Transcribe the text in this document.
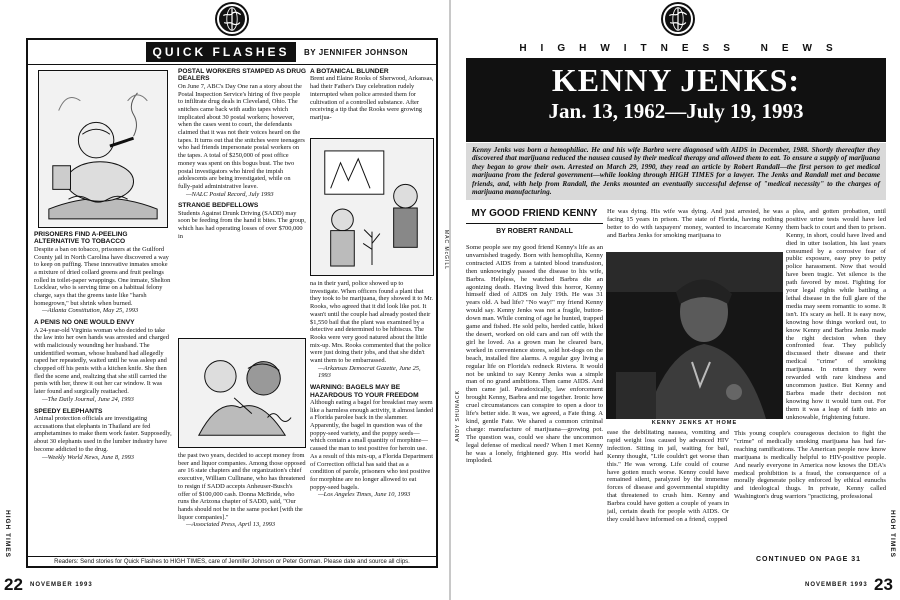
QUICK FLASHES	BY JENNIFER JOHNSON

PRISONERS FIND A-PEELING ALTERNATIVE TO TOBACCO

Despite a ban on tobacco, prisoners at the Guilford County jail in North Carolina have discovered a way to keep on puffing. These innovative inmates smoke a mixture of dried collard greens and fruit peelings rolled in toilet-paper wrappings. One inmate, Shelton Locklear, who is serving time on a habitual felony charge, says that the greens taste like "harsh homegrown," but shrink when burned.

—Atlanta Constitution, May 25, 1993

A PENIS NO ONE WOULD ENVY

A 24-year-old Virginia woman who decided to take the law into her own hands was arrested and charged with maliciously wounding her husband. The unidentified woman, whose husband had allegedly raped her repeatedly, waited until he was asleep and chopped off his penis with a kitchen knife. She then fled the scene and, realizing that she still carried the penis with her, threw it out her car window. It was later found and surgically reattached.

—The Daily Journal, June 24, 1993

SPEEDY ELEPHANTS

Animal protection officials are investigating accusations that elephants in Thailand are fed amphetamines to make them work faster. Supposedly, about 30 elephants used in the lumber industry have become addicted to the drug.

—Weekly World News, June 8, 1993

POSTAL WORKERS STAMPED AS DRUG DEALERS

On June 7, ABC's Day One ran a story about the Postal Inspection Service's hiring of five people to infiltrate drug deals in Cleveland, Ohio. The snitches came back with audio tapes which implicated about 30 postal workers; however, when the cases went to court, the defendants claimed that it was not their voices heard on the tapes. It turns out that the snitches were teenagers who had friends impersonate postal workers on the tapes. A total of $250,000 of post office money was spent on this bogus bust. The two postal investigators who hired the impish adolescents are being investigated, while on fully-paid administrative leave.

—NALC Postal Record, July 1993

STRANGE BEDFELLOWS

Students Against Drunk Driving (SADD) may soon be feeding from the hand it bites. The group, which has had operating losses of over $700,000 in

the past two years, decided to accept money from beer and liquor companies. Among those opposed are 16 state chapters and the organization's chief executive, William Cullinane, who has threatened to resign if SADD accepts Anheuser-Busch's offer of $100,000 cash. Donna McBride, who runs the Arizona chapter of SADD, said, "Our hands should not be in the same pocket [with the liquor companies]."

—Associated Press, April 13, 1993

A BOTANICAL BLUNDER

Brent and Elaine Rooks of Sherwood, Arkansas, had their Father's Day celebration rudely interrupted when police arrested them for cultivation of a controlled substance. After receiving a tip that the Rooks were growing marijua-

na in their yard, police showed up to investigate. When officers found a plant that they took to be marijuana, they showed it to Mr. Rooks, who agreed that it did look like pot. It wasn't until the couple had already posted their $1,550 bail that the plant was examined by a detective and determined to be hibiscus. The Rooks were very good natured about the little mix-up. Mrs. Rooks commented that the police were just doing their jobs, and that she didn't want them to be embarrassed.

—Arkansas Democrat Gazette, June 25, 1993

WARNING: BAGELS MAY BE HAZARDOUS TO YOUR FREEDOM

Although eating a bagel for breakfast may seem like a harmless enough activity, it almost landed a Florida parolee back in the slammer. Apparently, the bagel in question was of the poppy-seed variety, and the poppy seeds—which contain a small quantity of morphine—caused the man to test positive for heroin use. As a result of this mix-up, a Florida Department of Correction official has said that as a condition of parole, prisoners who test positive for morphine are no longer allowed to eat poppy-seed bagels.

—Los Angeles Times, June 10, 1993

Readers: Send stories for Quick Flashes to HIGH TIMES, care of Jennifer Johnson or Peter Gorman. Please date and source all clips.
MAC McGILL
22 NOVEMBER 1993
HIGH TIMES
HIGHWITNESS NEWS
KENNY JENKS:
Jan. 13, 1962—July 19, 1993
Kenny Jenks was born a hemophiliac. He and his wife Barbra were diagnosed with AIDS in December, 1988. Shortly thereafter they discovered that marijuana reduced the nausea caused by their medical therapy and allowed them to eat. To ensure a supply of marijuana they began to grow their own. Arrested on March 29, 1990, they read an article by Robert Randall—the first person to get medical marijuana from the federal government—while looking through HIGH TIMES for a lawyer. The Jenks and Randall met and became friends, and, with help from Randall, the Jenks mounted an eventually successful defense of "medical necessity" to the charges of marijuana manufacturing.
MY GOOD FRIEND KENNY
BY ROBERT RANDALL

Some people see my good friend Kenny's life as an unvarnished tragedy. Born with hemophilia, Kenny contracted AIDS from a tainted blood transfusion, then unknowingly passed the disease to his wife, Barbra. Helpless, he watched Barbra die an agonizing death. Having lived this horror, Kenny himself died of AIDS on July 19th. He was 31 years old. A bad life? "No way!" my friend Kenny would say. Kenny Jenks was not a fragile, button-down man. While coming of age he hunted, trapped game and fished. He sold pelts, herded cattle, hiked the desert, worked on old cars and ran off with the girl he loved. As a grown man he cleared bars, worked in convenience stores, sold hot-dogs on the beach, installed fire alarms. A regular guy living a regular life on Florida's redneck Riviera. It would not be unkind to say Kenny Jenks was a simple man of no grand ambitions. Then came AIDS. And then came jail. Paradoxically, law enforcement brought Kenny, Barbra and me together. Ironic how cruel circumstances can conspire to open a door to life's better side. It was, we agreed, a Fate thing. A kind, gentle Fate. We shared a common criminal charge: manufacture of marijuana—growing pot. The question was, could we share the uncommon legal defense of medical need? When I met Kenny he was a lonely, frightened guy. His world had imploded.

He was dying. His wife was dying. And just arrested, he was facing 15 years in prison. The state of Florida, having nothing better to do with taxpayers' money, wanted to incarcerate Kenny and Barbra Jenks for smoking marijuana to

KENNY JENKS AT HOME
ANDY SHUNACK	ease the debilitating nausea, vomiting and rapid weight loss caused by advanced HIV infection. Sitting in jail, waiting for bail, Kenny thought, "Life couldn't get worse than this." He was wrong. Life could of course have gotten much worse. Kenny could have remained silent, paralyzed by the immense forces of disease and governmental stupidity that threatened to crush him. Kenny and Barbra could have gotten a couple of years in jail, certain death for people with AIDS. Or they could have informed on a friend, copped

a plea, and gotten probation, until positive urine tests would have led them back to court and then to prison. Kenny, in short, could have lived and died in utter isolation, his last years consumed by a corrosive fear of public exposure, easy prey to petty police harassment. Now that would have been tragic. Yet silence is the path favored by most. Fighting for your legal rights while battling a lethal disease in the full glare of the media may seem romantic to some. It isn't. It's scary as hell. It is easy now, knowing how things worked out, to know Kenny and Barbra Jenks made the right decision when they confronted fear. They publicly discussed their disease and their medical "crime" of smoking marijuana. In return they were rewarded with rare kindness and uncommon justice. But Kenny and Barbra made their decision not knowing how it would turn out. For them it was a leap of faith into an unknowable, frightening future.

This young couple's courageous decision to fight the "crime" of medically smoking marijuana has had far-reaching ramifications. The American people now know marijuana is medically helpful to HIV-positive people. And nearly everyone in America now knows the DEA's medical prohibition is a fraud, the consequence of a morally degenerate policy enforced by ethical eunuchs and ideological thugs. In private, Kenny called Washington's drug warriors "practicing, professional

CONTINUED ON PAGE 31
NOVEMBER 1993 23
HIGH TIMES
